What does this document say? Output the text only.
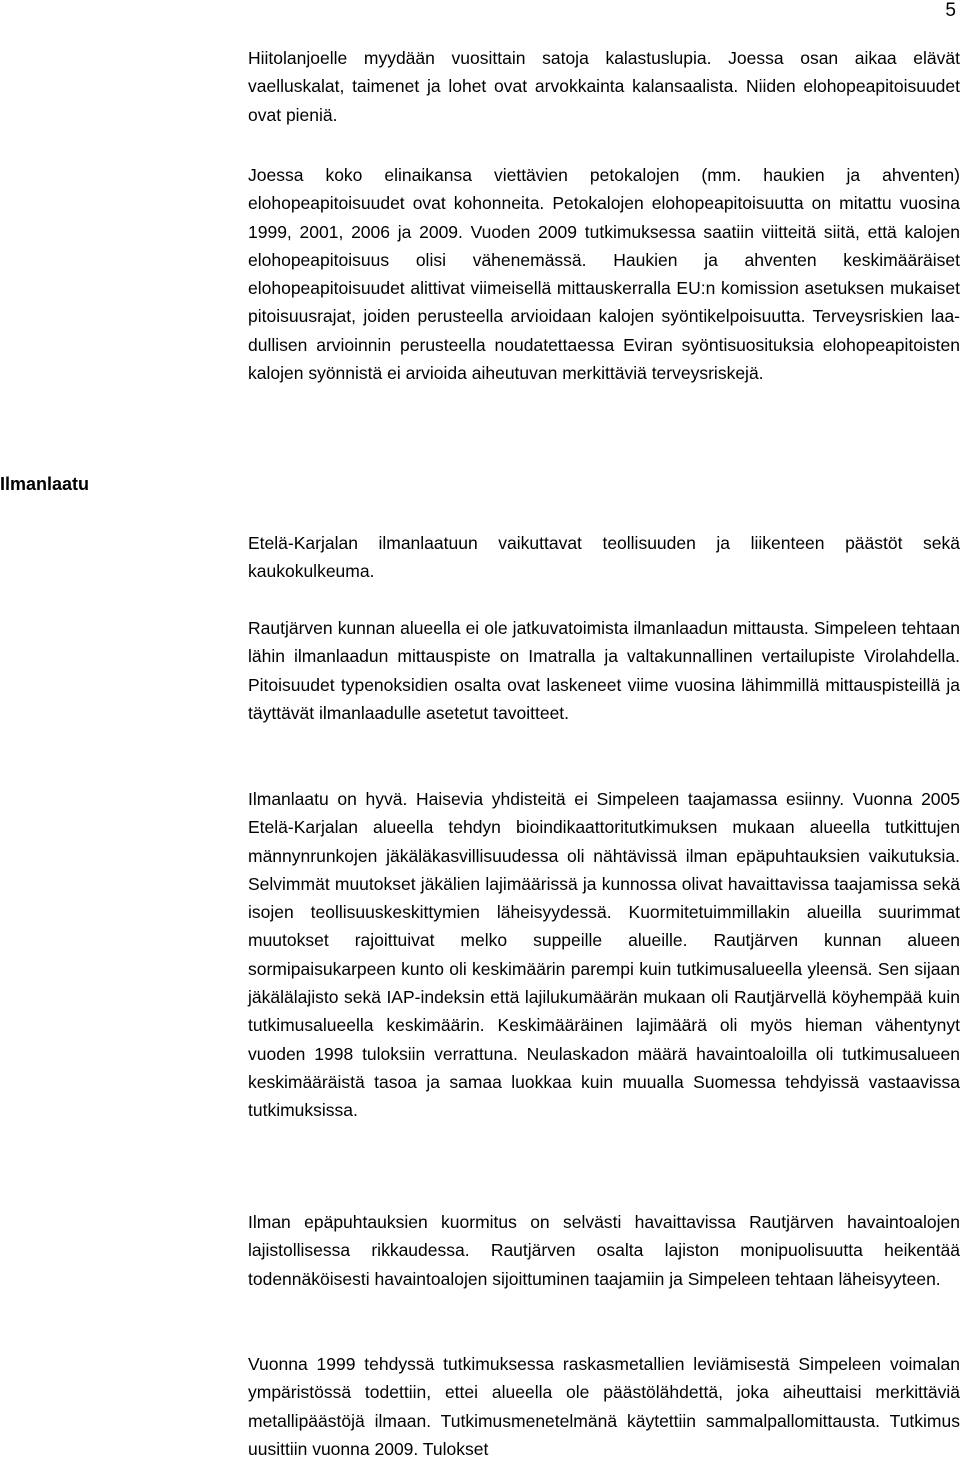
5
Ilmanlaatu

Hiitolanjoelle myydään vuosittain satoja kalastuslupia. Joessa osan aikaa elävät vaelluskalat, taimenet ja lohet ovat arvokkainta kalansaalista. Niiden elohopeapitoisuudet ovat pieniä.

Joessa koko elinaikansa viettävien petokalojen (mm. haukien ja ahventen) elohopeapitoisuudet ovat kohonneita. Petokalojen elohopeapitoisuutta on mitattu vuosina 1999, 2001, 2006 ja 2009. Vuoden 2009 tutkimuksessa saatiin viitteitä siitä, että kalojen elohopeapitoisuus olisi vähenemässä. Haukien ja ahventen keskimääräiset elohopeapitoisuudet alittivat viimeisellä mittauskerralla EU:n komission asetuksen mukaiset pitoisuusrajat, joiden perusteella arvioidaan kalojen syöntikelpoisuutta. Terveysriskien laadullisen arvioinnin perusteella noudatettaessa Eviran syöntisuosituksia elohopeapitoisten kalojen syönnistä ei arvioida aiheutuvan merkittäviä terveysriskejä.

Etelä-Karjalan ilmanlaatuun vaikuttavat teollisuuden ja liikenteen päästöt sekä kaukokulkeuma.

Rautjärven kunnan alueella ei ole jatkuvatoimista ilmanlaadun mittausta. Simpeleen tehtaan lähin ilmanlaadun mittauspiste on Imatralla ja valtakunnallinen vertailupiste Virolahdella. Pitoisuudet typenoksidien osalta ovat laskeneet viime vuosina lähimmillä mittauspisteillä ja täyttävät ilmanlaadulle asetetut tavoitteet.

Ilmanlaatu on hyvä. Haisevia yhdisteitä ei Simpeleen taajamassa esiinny. Vuonna 2005 Etelä-Karjalan alueella tehdyn bioindikaattoritutkimuksen mukaan alueella tutkittujen männynrunkojen jäkäläkasvillisuudessa oli nähtävissä ilman epäpuhtauksien vaikutuksia. Selvimmät muutokset jäkälien lajimäärissä ja kunnossa olivat havaittavissa taajamissa sekä isojen teollisuuskeskittymien läheisyydessä. Kuormitetuimmillakin alueilla suurimmat muutokset rajoittuivat melko suppeille alueille. Rautjärven kunnan alueen sormipaisukarpeen kunto oli keskimäärin parempi kuin tutkimusalueella yleensä. Sen sijaan jäkälälajisto sekä IAP-indeksin että lajilukumäärän mukaan oli Rautjärvellä köyhempää kuin tutkimusalueella keskimäärin. Keskimääräinen lajimäärä oli myös hieman vähentynyt vuoden 1998 tuloksiin verrattuna. Neulaskadon määrä havaintoaloilla oli tutkimusalueen keskimääräistä tasoa ja samaa luokkaa kuin muualla Suomessa tehdyissä vastaavissa tutkimuksissa.

Ilman epäpuhtauksien kuormitus on selvästi havaittavissa Rautjärven havaintoalojen lajistollisessa rikkaudessa. Rautjärven osalta lajiston monipuolisuutta heikentää todennäköisesti havaintoalojen sijoittuminen taajamiin ja Simpeleen tehtaan läheisyyteen.

Vuonna 1999 tehdyssä tutkimuksessa raskasmetallien leviämisestä Simpeleen voimalan ympäristössä todettiin, ettei alueella ole päästölähdettä, joka aiheuttaisi merkittäviä metallipäästöjä ilmaan. Tutkimusmenetelmänä käytettiin sammalpallomittausta. Tutkimus uusittiin vuonna 2009. Tulokset
